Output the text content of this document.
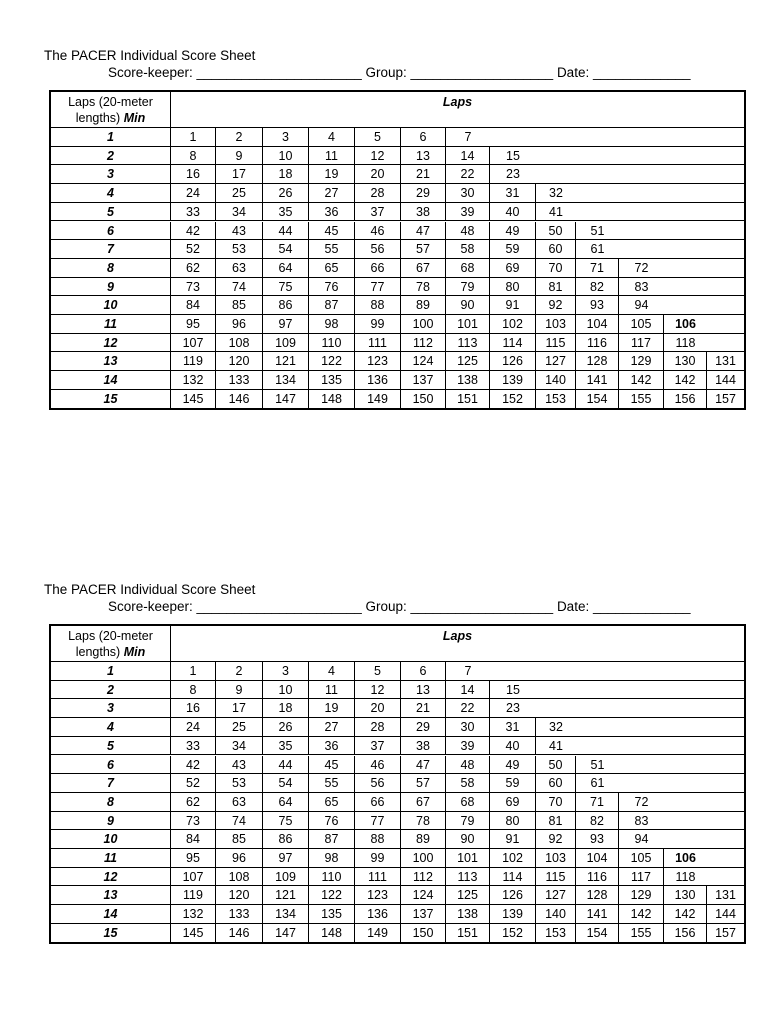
The PACER Individual Score Sheet
Score-keeper: ______________________ Group: ___________________ Date: _____________
Laps (20-meter
lengths) Min
Laps
1	1	2	3	4	5	6	7
2	8	9	10	11	12	13	14	15
3	16	17	18	19	20	21	22	23
4	24	25	26	27	28	29	30	31	32
5	33	34	35	36	37	38	39	40	41
6	42	43	44	45	46	47	48	49	50	51
7	52	53	54	55	56	57	58	59	60	61
8	62	63	64	65	66	67	68	69	70	71	72
9	73	74	75	76	77	78	79	80	81	82	83
10	84	85	86	87	88	89	90	91	92	93	94
11	95	96	97	98	99	100	101	102	103	104	105	106
12	107	108	109	110	111	112	113	114	115	116	117	118
13	119	120	121	122	123	124	125	126	127	128	129	130	131
14	132	133	134	135	136	137	138	139	140	141	142	142	144
15	145	146	147	148	149	150	151	152	153	154	155	156	157
The PACER Individual Score Sheet
Score-keeper: ______________________ Group: ___________________ Date: _____________
Laps (20-meter
lengths) Min
Laps
1	1	2	3	4	5	6	7
2	8	9	10	11	12	13	14	15
3	16	17	18	19	20	21	22	23
4	24	25	26	27	28	29	30	31	32
5	33	34	35	36	37	38	39	40	41
6	42	43	44	45	46	47	48	49	50	51
7	52	53	54	55	56	57	58	59	60	61
8	62	63	64	65	66	67	68	69	70	71	72
9	73	74	75	76	77	78	79	80	81	82	83
10	84	85	86	87	88	89	90	91	92	93	94
11	95	96	97	98	99	100	101	102	103	104	105	106
12	107	108	109	110	111	112	113	114	115	116	117	118
13	119	120	121	122	123	124	125	126	127	128	129	130	131
14	132	133	134	135	136	137	138	139	140	141	142	142	144
15	145	146	147	148	149	150	151	152	153	154	155	156	157
